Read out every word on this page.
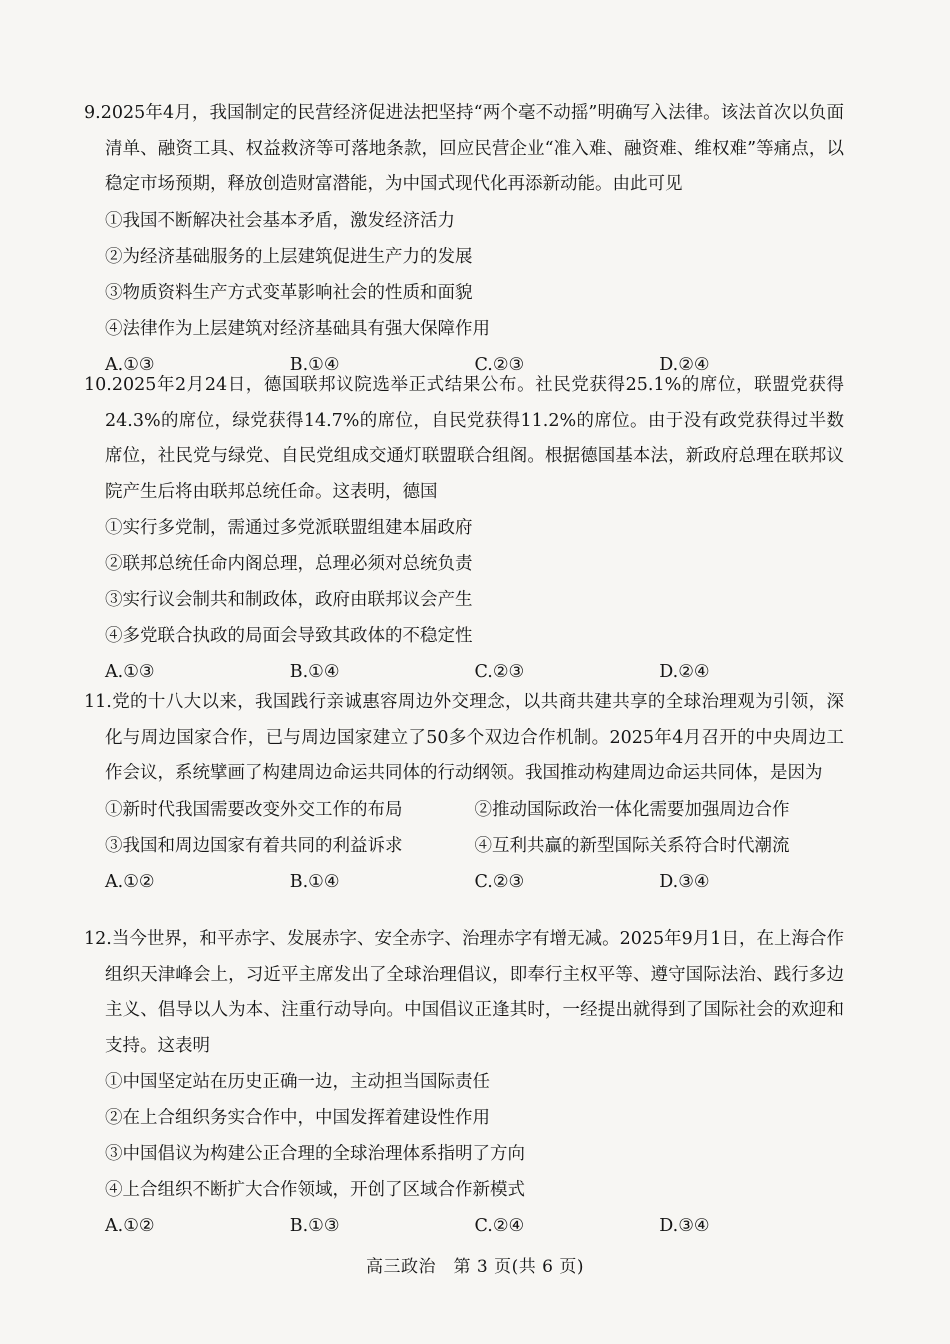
9.2025年4月，我国制定的民营经济促进法把坚持“两个毫不动摇”明确写入法律。该法首次以负面清单、融资工具、权益救济等可落地条款，回应民营企业“准入难、融资难、维权难”等痛点，以稳定市场预期，释放创造财富潜能，为中国式现代化再添新动能。由此可见

①我国不断解决社会基本矛盾，激发经济活力
②为经济基础服务的上层建筑促进生产力的发展
③物质资料生产方式变革影响社会的性质和面貌
④法律作为上层建筑对经济基础具有强大保障作用
A.①③	B.①④	C.②③	D.②④

10.2025年2月24日，德国联邦议院选举正式结果公布。社民党获得25.1%的席位，联盟党获得24.3%的席位，绿党获得14.7%的席位，自民党获得11.2%的席位。由于没有政党获得过半数席位，社民党与绿党、自民党组成交通灯联盟联合组阁。根据德国基本法，新政府总理在联邦议院产生后将由联邦总统任命。这表明，德国

①实行多党制，需通过多党派联盟组建本届政府
②联邦总统任命内阁总理，总理必须对总统负责
③实行议会制共和制政体，政府由联邦议会产生
④多党联合执政的局面会导致其政体的不稳定性
A.①③	B.①④	C.②③	D.②④

11.党的十八大以来，我国践行亲诚惠容周边外交理念，以共商共建共享的全球治理观为引领，深化与周边国家合作，已与周边国家建立了50多个双边合作机制。2025年4月召开的中央周边工作会议，系统擘画了构建周边命运共同体的行动纲领。我国推动构建周边命运共同体，是因为

①新时代我国需要改变外交工作的布局	②推动国际政治一体化需要加强周边合作
③我国和周边国家有着共同的利益诉求	④互利共赢的新型国际关系符合时代潮流
A.①②	B.①④	C.②③	D.③④

12.当今世界，和平赤字、发展赤字、安全赤字、治理赤字有增无减。2025年9月1日，在上海合作组织天津峰会上，习近平主席发出了全球治理倡议，即奉行主权平等、遵守国际法治、践行多边主义、倡导以人为本、注重行动导向。中国倡议正逢其时，一经提出就得到了国际社会的欢迎和支持。这表明

①中国坚定站在历史正确一边，主动担当国际责任
②在上合组织务实合作中，中国发挥着建设性作用
③中国倡议为构建公正合理的全球治理体系指明了方向
④上合组织不断扩大合作领域，开创了区域合作新模式
A.①②	B.①③	C.②④	D.③④
高三政治　第 3 页(共 6 页)
